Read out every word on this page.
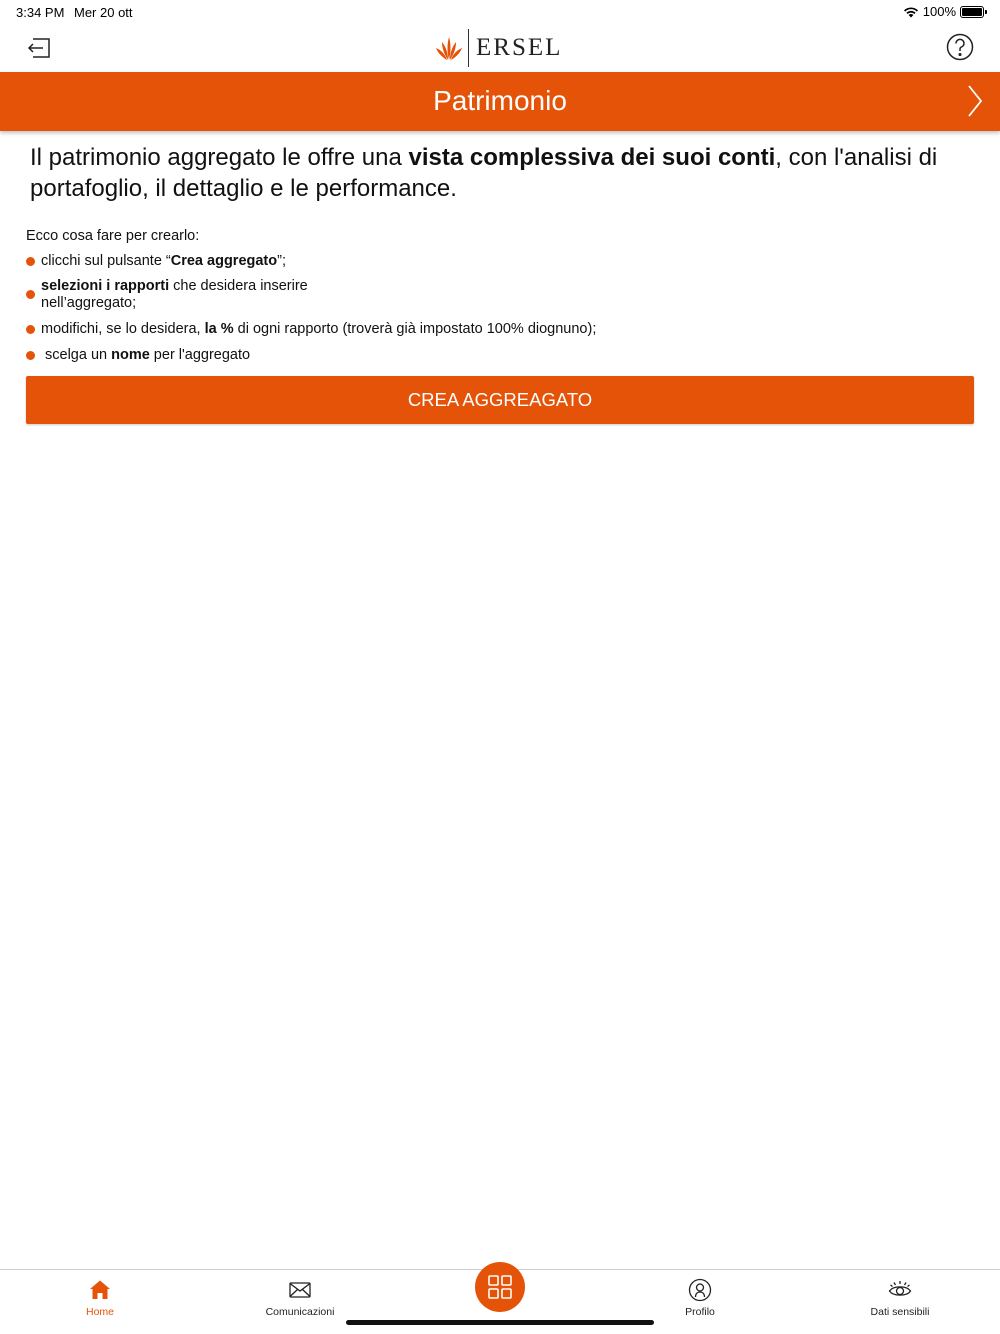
3:34 PM Mer 20 ott	100%
ERSEL
Patrimonio

Il patrimonio aggregato le offre una vista complessiva dei suoi conti, con l'analisi di portafoglio, il dettaglio e le performance.

Ecco cosa fare per crearlo:
clicchi sul pulsante “Crea aggregato”;
selezioni i rapporti che desidera inserire nell’aggregato;
modifichi, se lo desidera, la % di ogni rapporto (troverà già impostato 100% diognuno);
scelga un nome per l'aggregato
CREA AGGREAGATO
Home	Comunicazioni	Profilo	Dati sensibili
